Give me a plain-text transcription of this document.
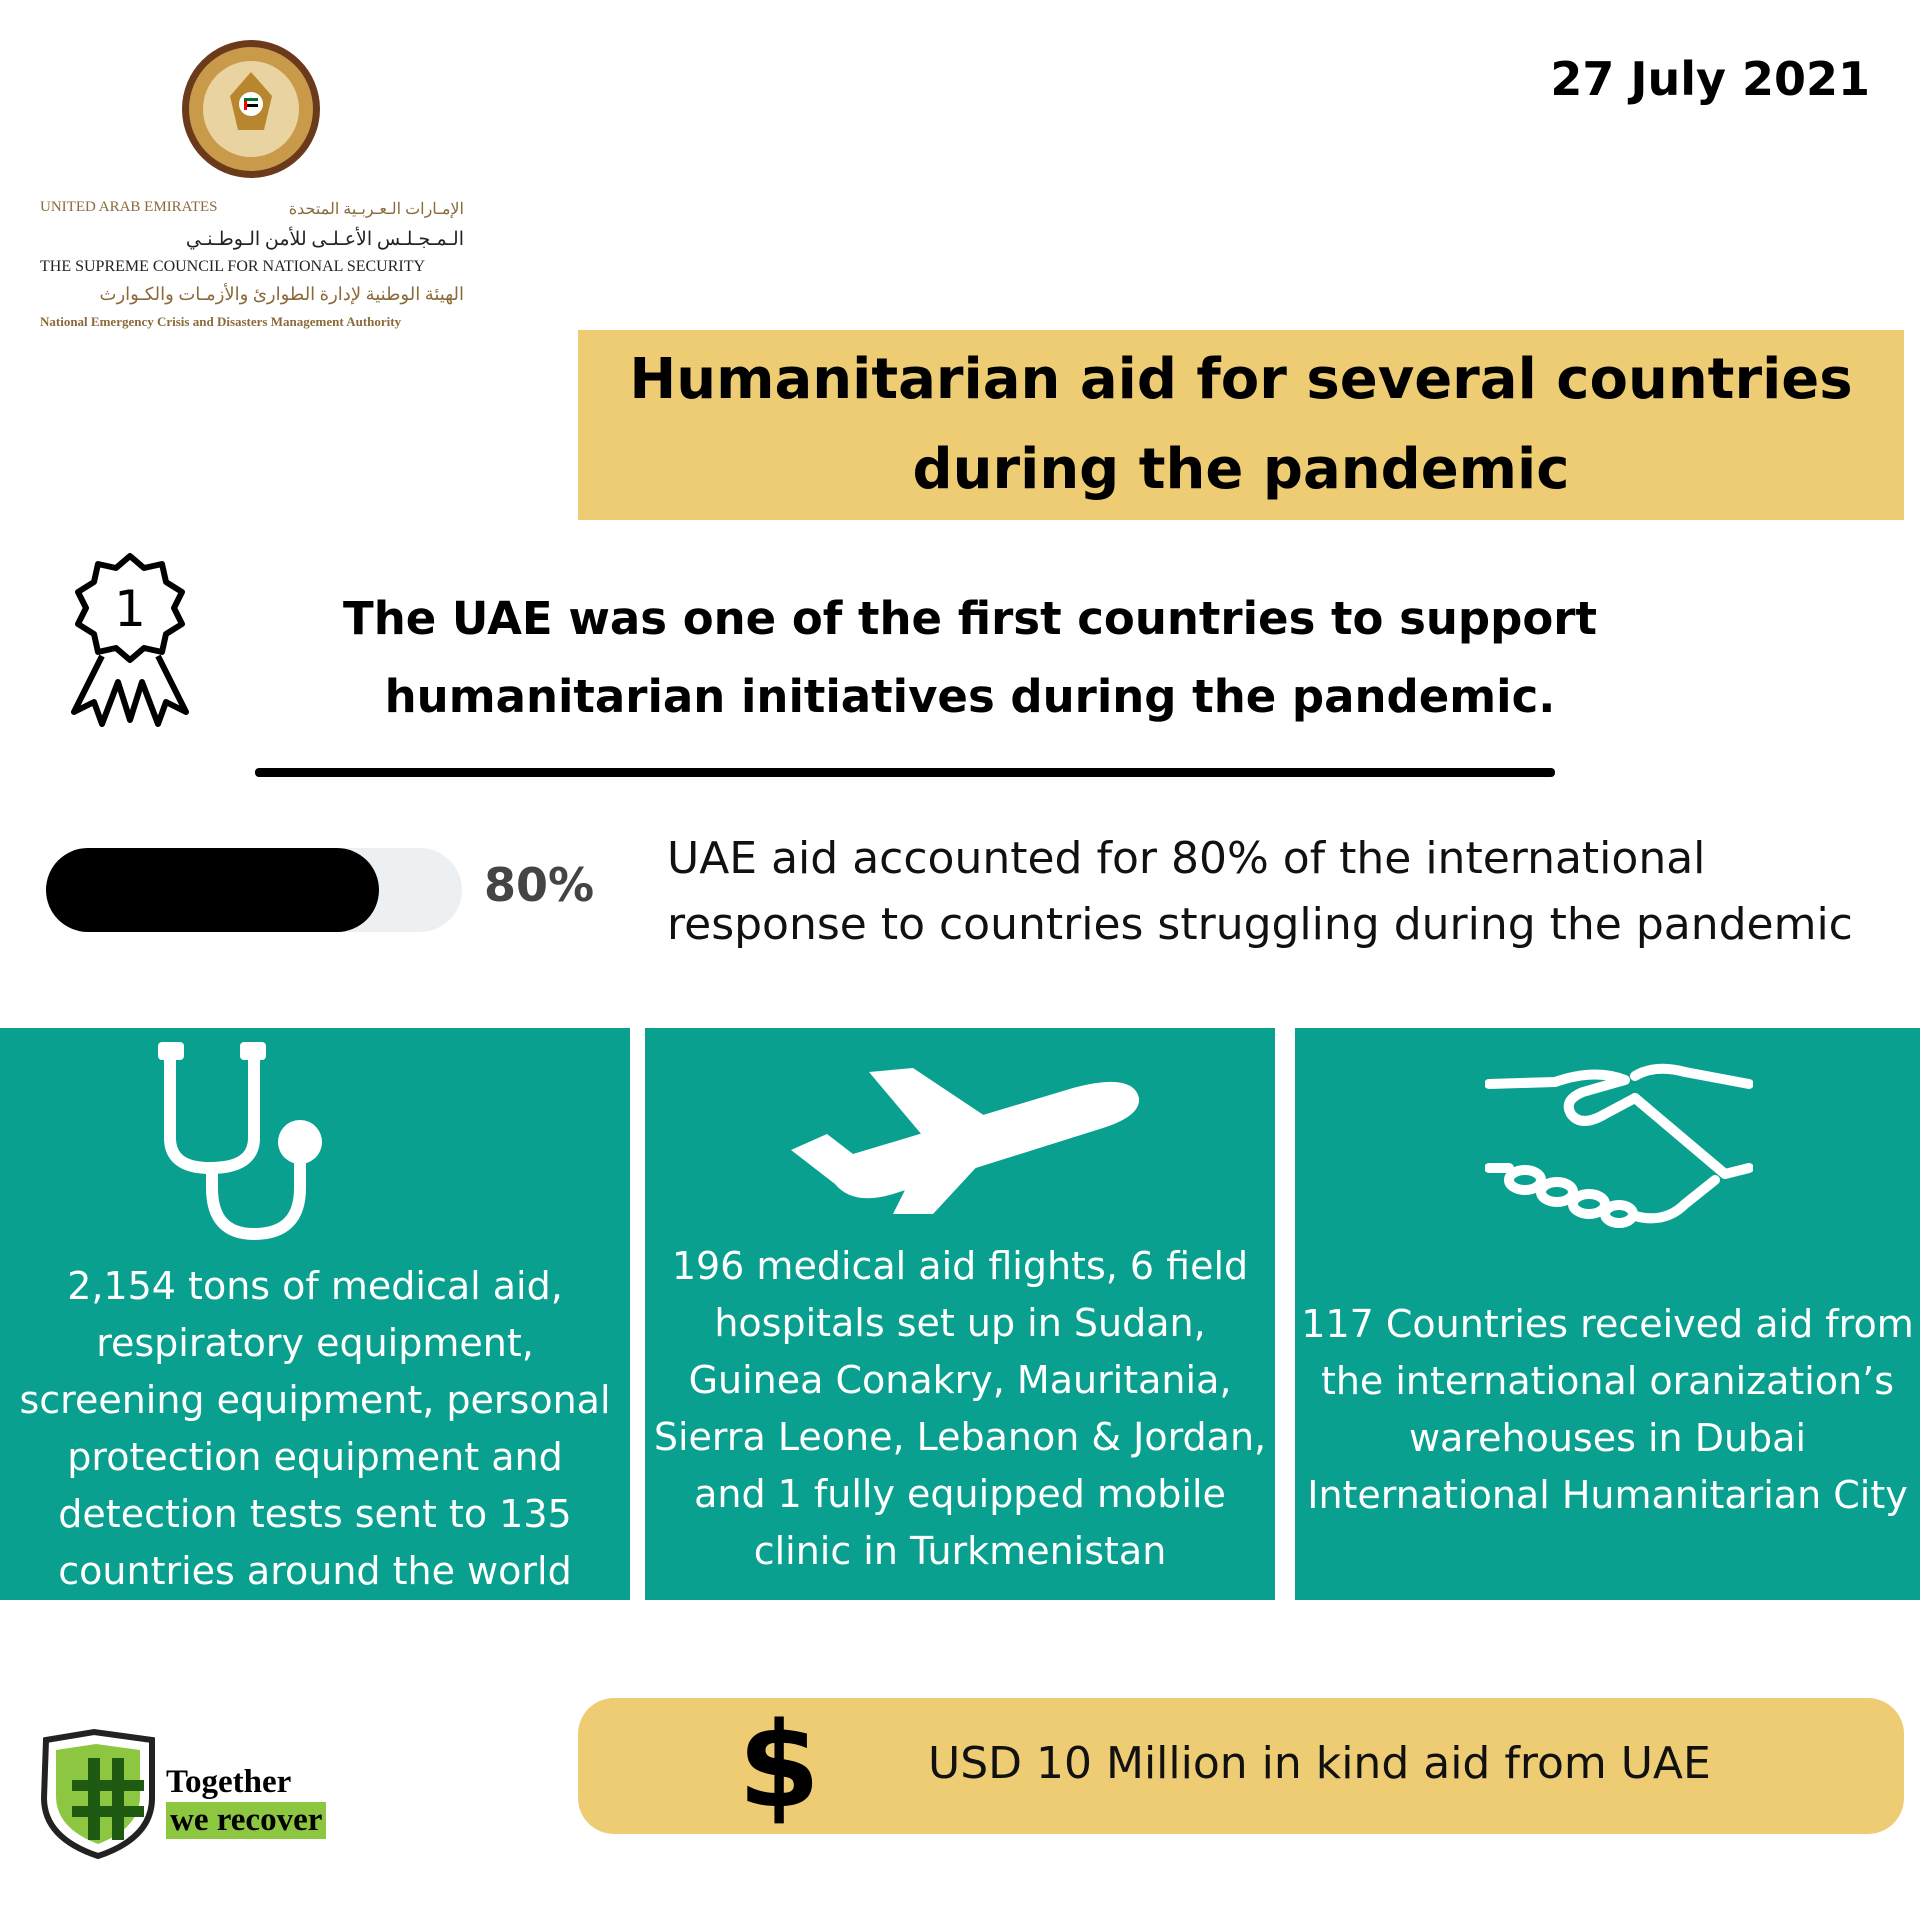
UNITED ARAB EMIRATES	الإمـارات الـعـربـية المتحدة
الـمـجـلـس الأعـلـى للأمن الـوطـنـي
THE SUPREME COUNCIL FOR NATIONAL SECURITY
الهيئة الوطنية لإدارة الطوارئ والأزمـات والكـوارث
National Emergency Crisis and Disasters Management Authority
27 July 2021
Humanitarian aid for several countries during the pandemic
1	The UAE was one of the first countries to support humanitarian initiatives during the pandemic.
80% UAE aid accounted for 80% of the international response to countries struggling during the pandemic
2,154 tons of medical aid, respiratory equipment, screening equipment, personal protection equipment and detection tests sent to 135 countries around the world
196 medical aid flights, 6 field hospitals set up in Sudan, Guinea Conakry, Mauritania, Sierra Leone, Lebanon & Jordan, and 1 fully equipped mobile clinic in Turkmenistan
117 Countries received aid from the international oranization’s warehouses in Dubai International Humanitarian City
Together
we recover	$ USD 10 Million in kind aid from UAE
